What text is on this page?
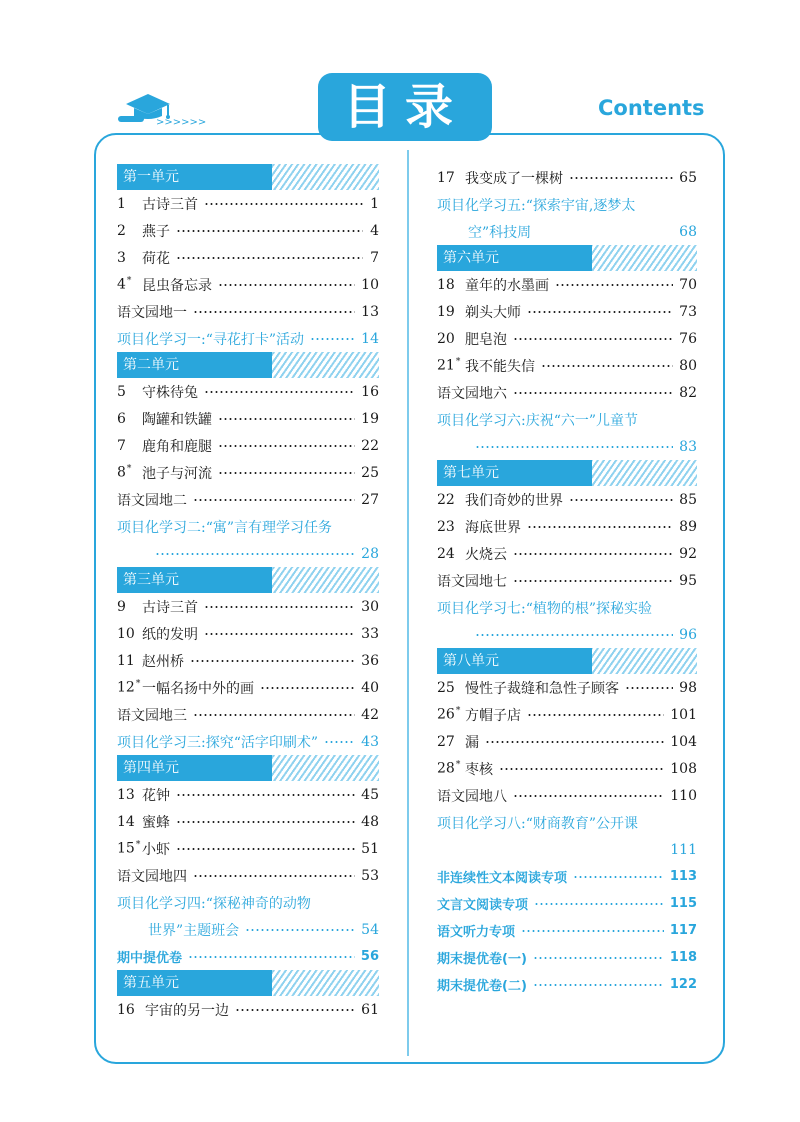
>>>>>>	目录	Contents
第一单元
1	古诗三首	1
2	燕子	4
3	荷花	7
4* 昆虫备忘录	10
语文园地一	13
项目化学习一:“寻花打卡”活动	14
第二单元
5	守株待兔	16
6	陶罐和铁罐	19
7	鹿角和鹿腿	22
8* 池子与河流	25
语文园地二	27
项目化学习二:“寓”言有理学习任务
28
第三单元
9	古诗三首	30
10 纸的发明	33
11 赵州桥	36
12* 一幅名扬中外的画	40
语文园地三	42
项目化学习三:探究“活字印刷术”	43
第四单元
13 花钟	45
14 蜜蜂	48
15* 小虾	51
语文园地四	53
项目化学习四:“探秘神奇的动物
世界”主题班会	54
期中提优卷	56
第五单元
16 宇宙的另一边	61
17 我变成了一棵树	65
项目化学习五:“探索宇宙,逐梦太
空”科技周	68
第六单元
18 童年的水墨画	70
19 剃头大师	73
20 肥皂泡	76
21* 我不能失信	80
语文园地六	82
项目化学习六:庆祝“六一”儿童节
83
第七单元
22 我们奇妙的世界	85
23 海底世界	89
24 火烧云	92
语文园地七	95
项目化学习七:“植物的根”探秘实验
96
第八单元
25 慢性子裁缝和急性子顾客	98
26* 方帽子店	101
27 漏	104
28* 枣核	108
语文园地八	110
项目化学习八:“财商教育”公开课
111
非连续性文本阅读专项	113
文言文阅读专项	115
语文听力专项	117
期末提优卷(一)	118
期末提优卷(二)	122
